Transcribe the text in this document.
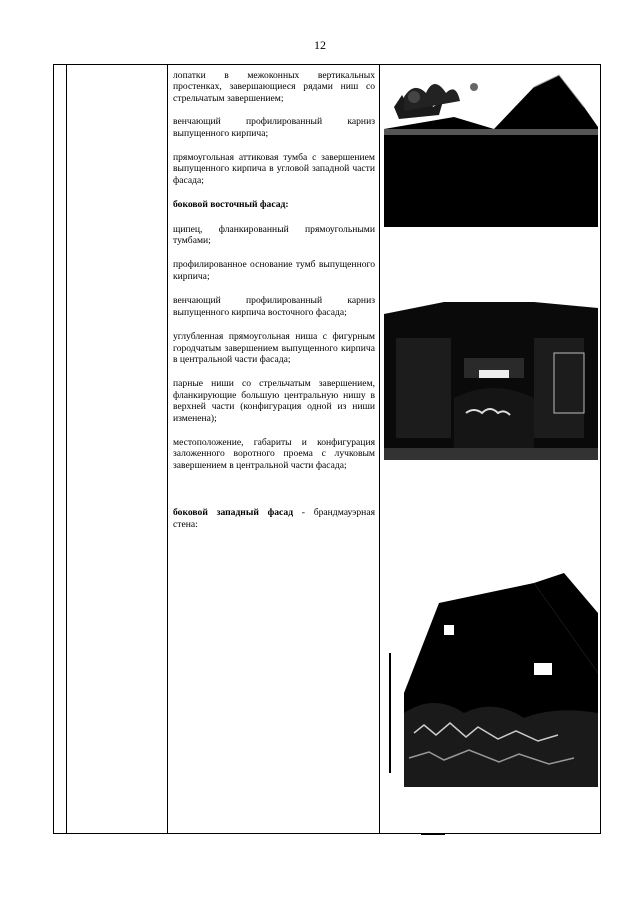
12

лопатки в межоконных вертикальных простенках, завершающиеся рядами ниш со стрельчатым завершением;

венчающий профилированный карниз выпущенного кирпича;

прямоугольная аттиковая тумба с завершением выпущенного кирпича в угловой западной части фасада;

боковой восточный фасад:

щипец, фланкированный прямоугольными тумбами;

профилированное основание тумб выпущенного кирпича;

венчающий профилированный карниз выпущенного кирпича восточного фасада;

углубленная прямоугольная ниша с фигурным городчатым завершением выпущенного кирпича в центральной части фасада;

парные ниши со стрельчатым завершением, фланкирующие большую центральную нишу в верхней части (конфигурация одной из ниши изменена);

местоположение, габариты и конфигурация заложенного воротного проема с лучковым завершением в центральной части фасада;

боковой западный фасад - брандмауэрная стена:
